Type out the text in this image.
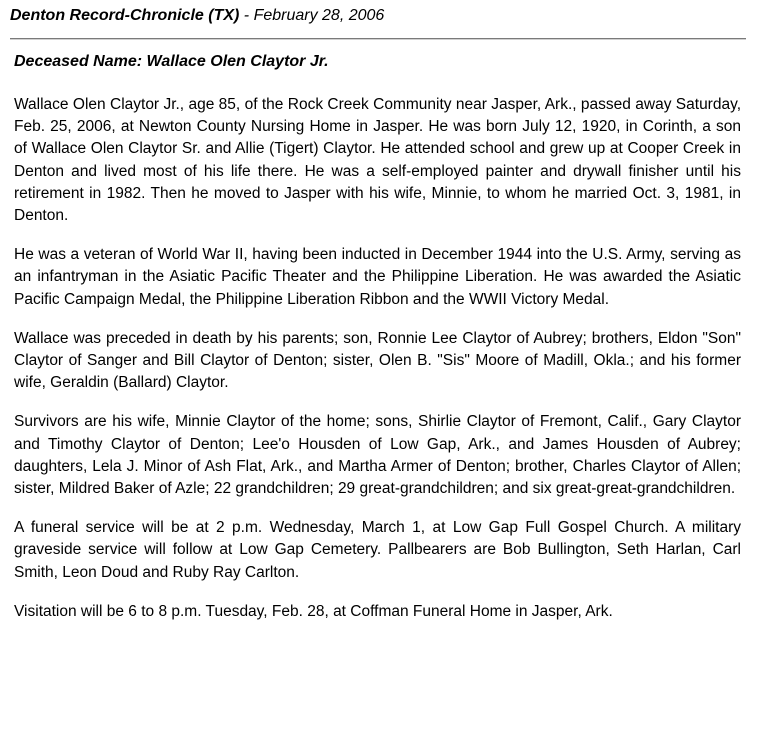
Denton Record-Chronicle (TX) - February 28, 2006
Deceased Name: Wallace Olen Claytor Jr.

Wallace Olen Claytor Jr., age 85, of the Rock Creek Community near Jasper, Ark., passed away Saturday, Feb. 25, 2006, at Newton County Nursing Home in Jasper. He was born July 12, 1920, in Corinth, a son of Wallace Olen Claytor Sr. and Allie (Tigert) Claytor. He attended school and grew up at Cooper Creek in Denton and lived most of his life there. He was a self-employed painter and drywall finisher until his retirement in 1982. Then he moved to Jasper with his wife, Minnie, to whom he married Oct. 3, 1981, in Denton.

He was a veteran of World War II, having been inducted in December 1944 into the U.S. Army, serving as an infantryman in the Asiatic Pacific Theater and the Philippine Liberation. He was awarded the Asiatic Pacific Campaign Medal, the Philippine Liberation Ribbon and the WWII Victory Medal.

Wallace was preceded in death by his parents; son, Ronnie Lee Claytor of Aubrey; brothers, Eldon "Son" Claytor of Sanger and Bill Claytor of Denton; sister, Olen B. "Sis" Moore of Madill, Okla.; and his former wife, Geraldin (Ballard) Claytor.

Survivors are his wife, Minnie Claytor of the home; sons, Shirlie Claytor of Fremont, Calif., Gary Claytor and Timothy Claytor of Denton; Lee'o Housden of Low Gap, Ark., and James Housden of Aubrey; daughters, Lela J. Minor of Ash Flat, Ark., and Martha Armer of Denton; brother, Charles Claytor of Allen; sister, Mildred Baker of Azle; 22 grandchildren; 29 great-grandchildren; and six great-great-grandchildren.

A funeral service will be at 2 p.m. Wednesday, March 1, at Low Gap Full Gospel Church. A military graveside service will follow at Low Gap Cemetery. Pallbearers are Bob Bullington, Seth Harlan, Carl Smith, Leon Doud and Ruby Ray Carlton.

Visitation will be 6 to 8 p.m. Tuesday, Feb. 28, at Coffman Funeral Home in Jasper, Ark.
